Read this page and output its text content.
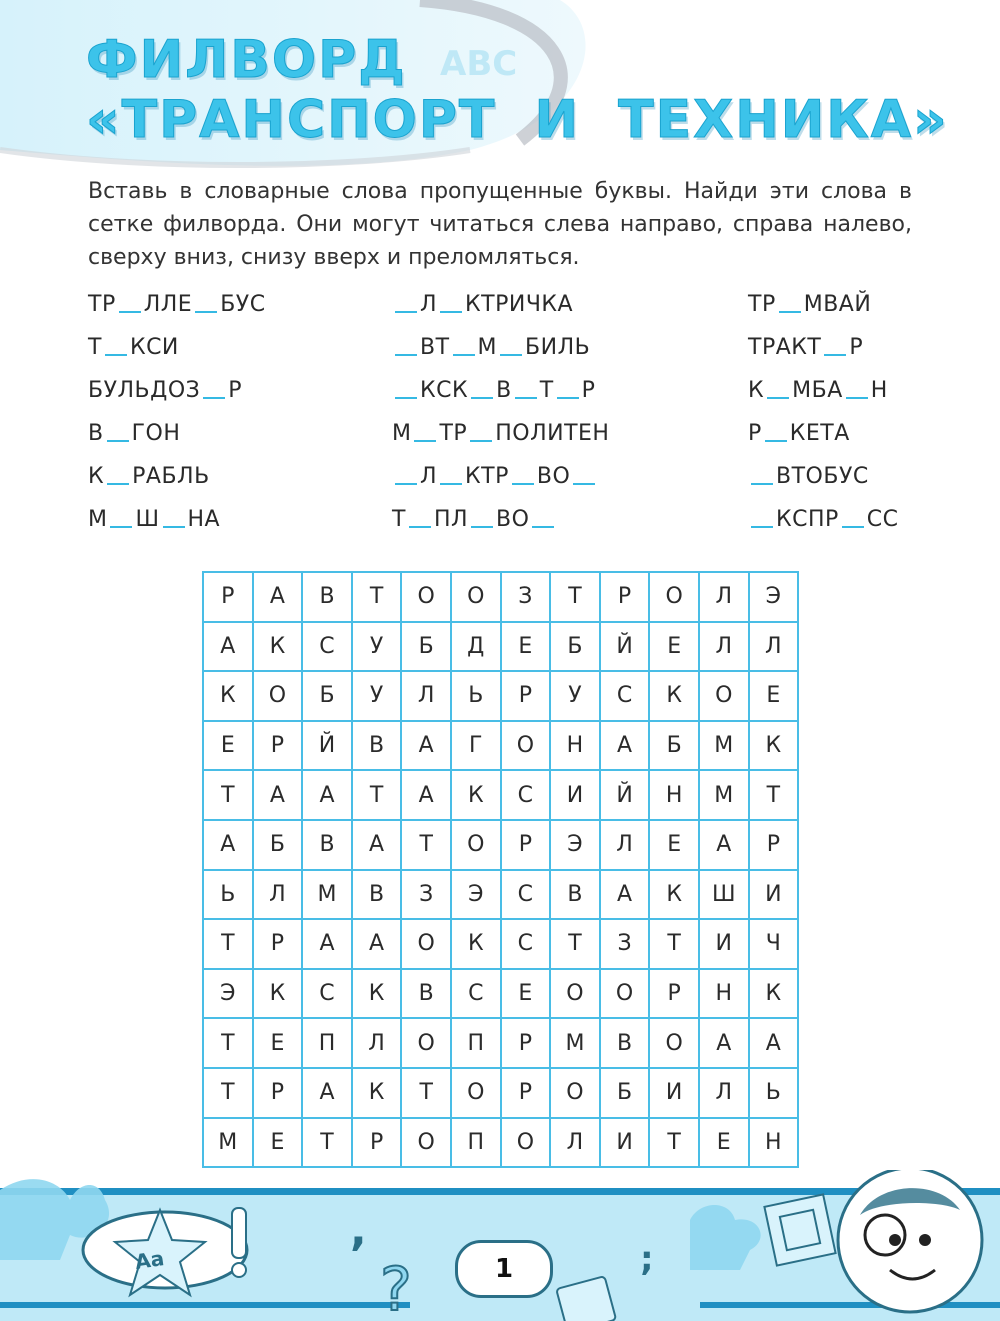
ABC
ФИЛВОРД
«ТРАНСПОРТ И ТЕХНИКА»

Вставь в словарные слова пропущенные буквы. Найди эти слова в сетке филворда. Они могут читаться слева направо, справа налево, сверху вниз, снизу вверх и преломляться.

ТР ЛЛЕ БУС
Т КСИ
БУЛЬДОЗ Р
В ГОН
К РАБЛЬ
М Ш НА
Л КТРИЧКА
ВТ М БИЛЬ
КСК В Т Р
М ТР ПОЛИТЕН
Л КТР ВО
Т ПЛ ВО
ТР МВАЙ
ТРАКТ Р
К МБА Н
Р КЕТА
ВТОБУС
КСПР СС
Р	А	В	Т	О	О	З	Т	Р	О	Л	Э
А	К	С	У	Б	Д	Е	Б	Й	Е	Л	Л
К	О	Б	У	Л	Ь	Р	У	С	К	О	Е
Е	Р	Й	В	А	Г	О	Н	А	Б	М	К
Т	А	А	Т	А	К	С	И	Й	Н	М	Т
А	Б	В	А	Т	О	Р	Э	Л	Е	А	Р
Ь	Л	М	В	З	Э	С	В	А	К	Ш	И
Т	Р	А	А	О	К	С	Т	З	Т	И	Ч
Э	К	С	К	В	С	Е	О	О	Р	Н	К
Т	Е	П	Л	О	П	Р	М	В	О	А	А
Т	Р	А	К	Т	О	Р	О	Б	И	Л	Ь
М	Е	Т	Р	О	П	О	Л	И	Т	Е	Н
,
?	;
Аа	1
